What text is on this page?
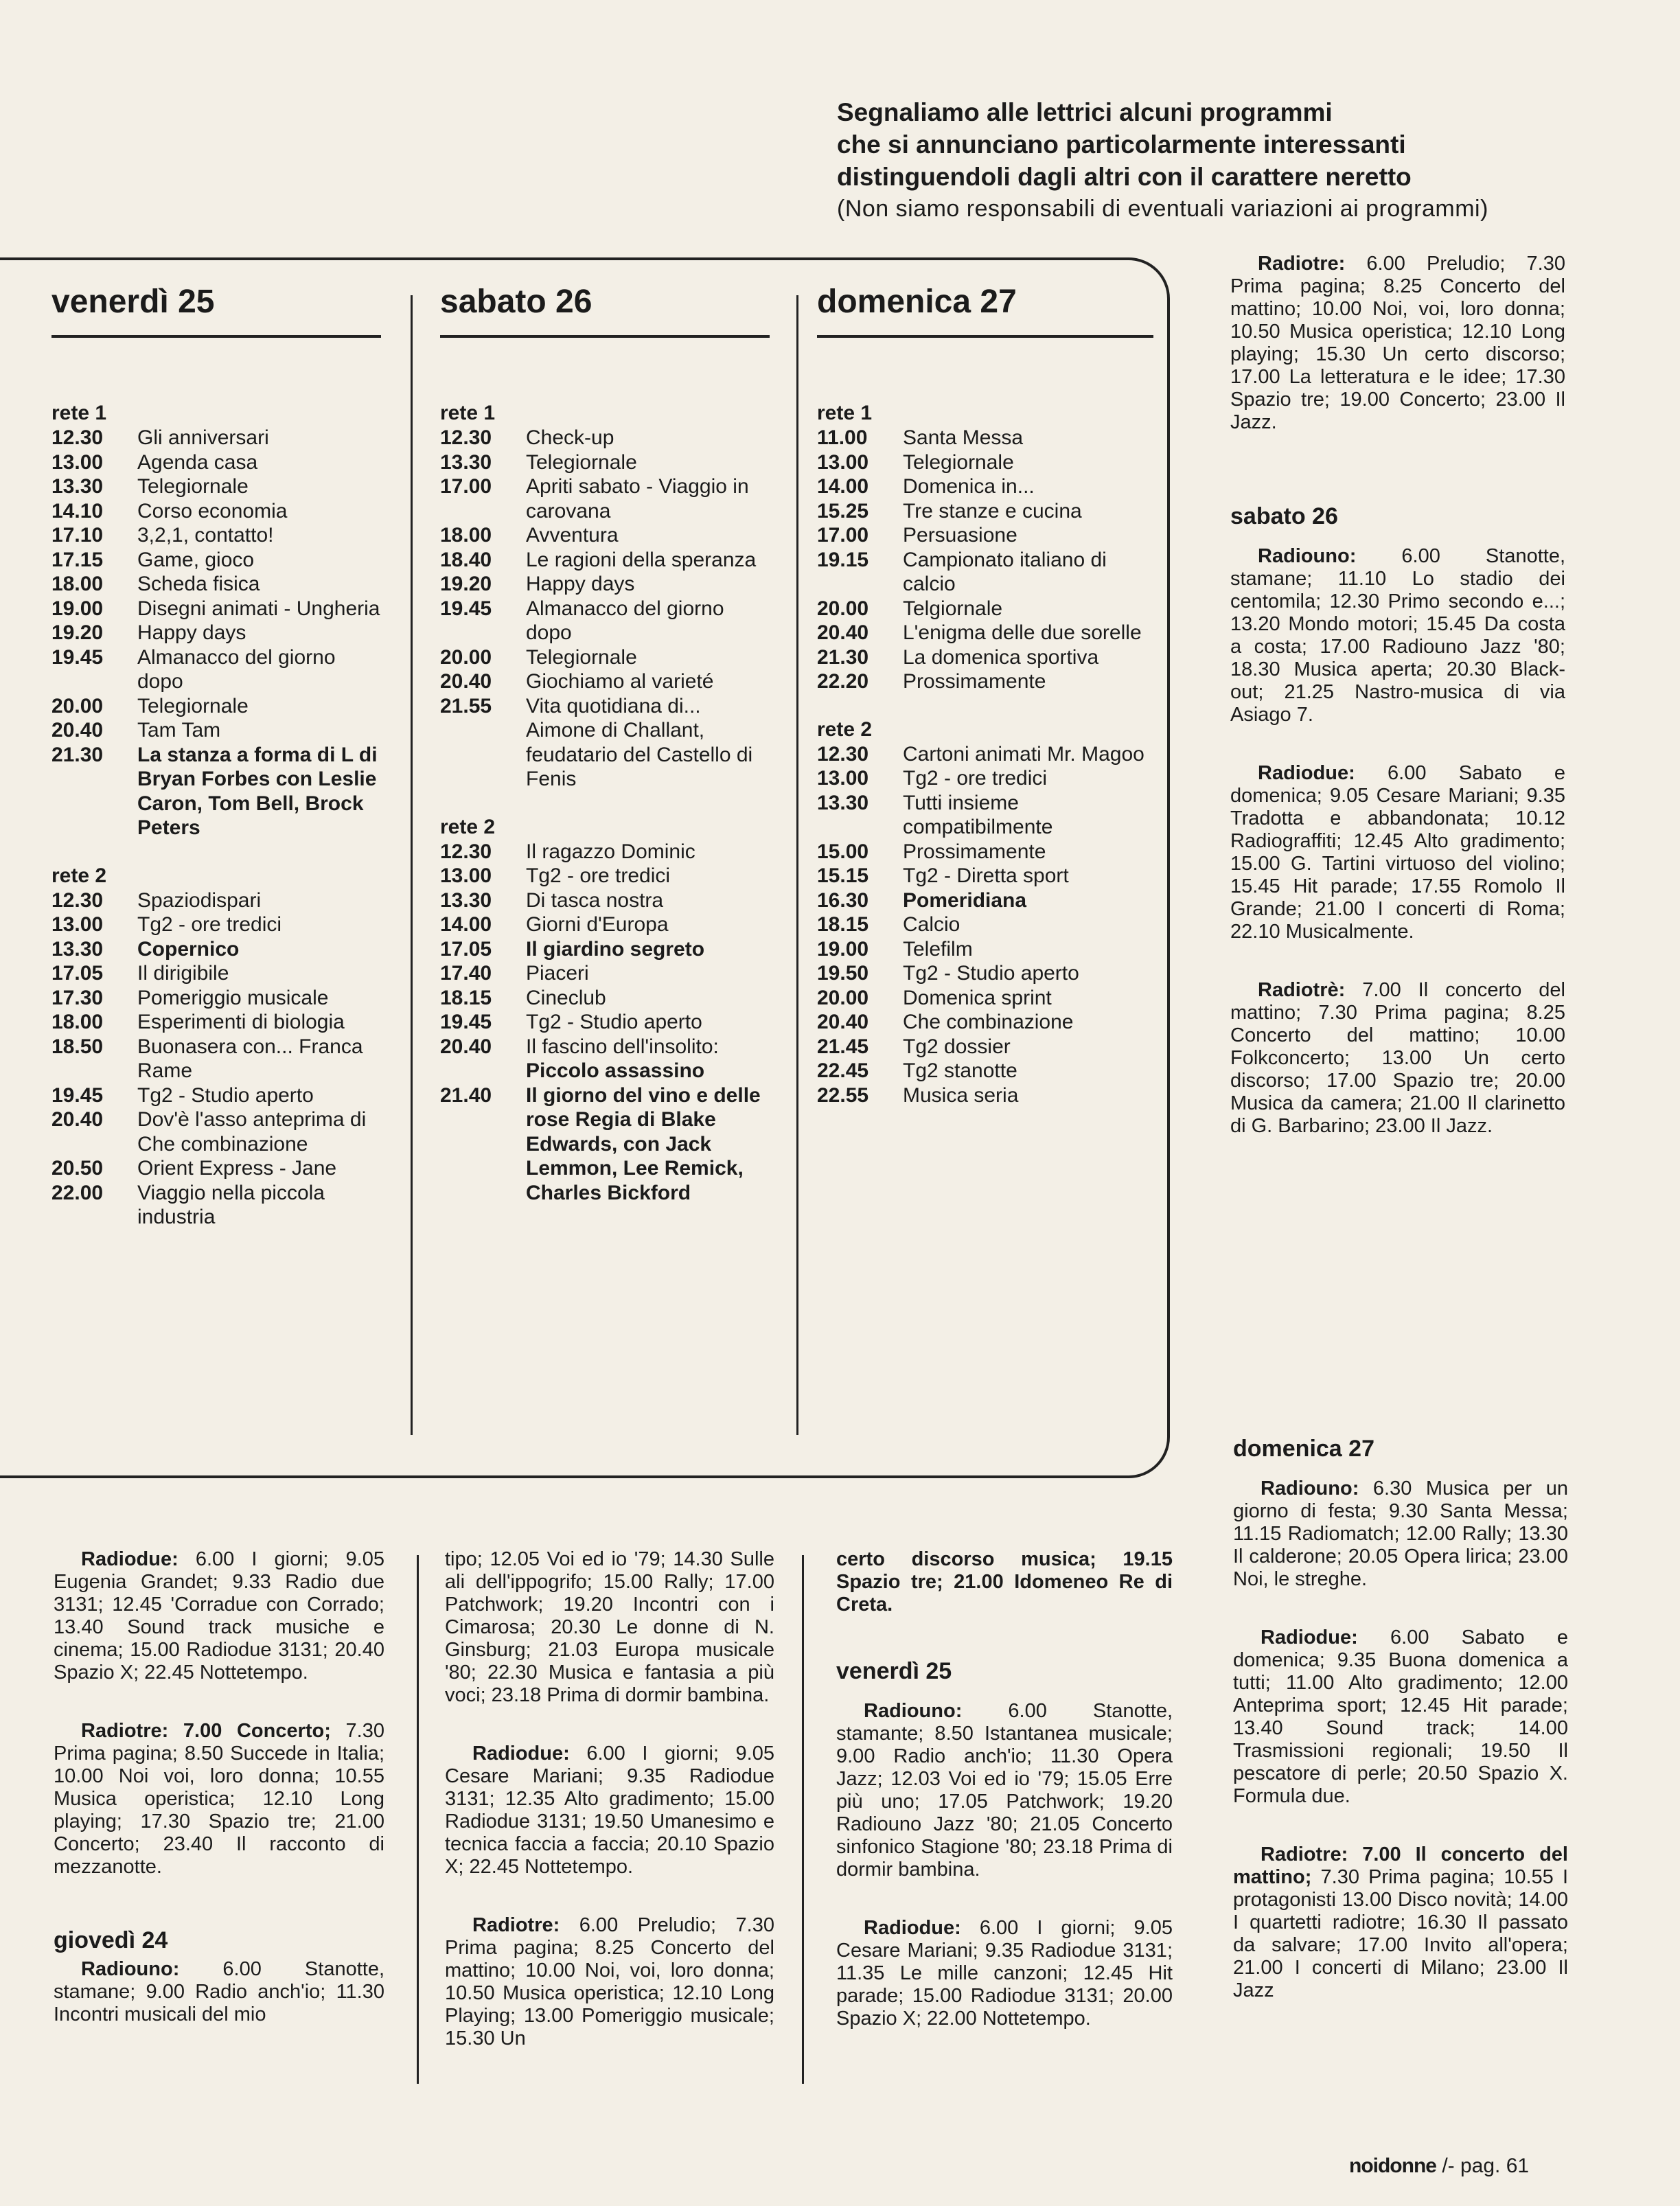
Segnaliamo alle lettrici alcuni programmi
che si annunciano particolarmente interessanti
distinguendoli dagli altri con il carattere neretto
(Non siamo responsabili di eventuali variazioni ai programmi)
venerdì 25
rete 1
12.30	Gli anniversari
13.00	Agenda casa
13.30	Telegiornale
14.10	Corso economia
17.10	3,2,1, contatto!
17.15	Game, gioco
18.00	Scheda fisica
19.00	Disegni animati - Ungheria
19.20	Happy days
19.45	Almanacco del giorno dopo
20.00	Telegiornale
20.40	Tam Tam
21.30	La stanza a forma di L di Bryan Forbes con Leslie Caron, Tom Bell, Brock Peters
rete 2
12.30	Spaziodispari
13.00	Tg2 - ore tredici
13.30	Copernico
17.05	Il dirigibile
17.30	Pomeriggio musicale
18.00	Esperimenti di biologia
18.50	Buonasera con... Franca Rame
19.45	Tg2 - Studio aperto
20.40	Dov'è l'asso anteprima di Che combinazione
20.50	Orient Express - Jane
22.00	Viaggio nella piccola industria
sabato 26
rete 1
12.30	Check-up
13.30	Telegiornale
17.00	Apriti sabato - Viaggio in carovana
18.00	Avventura
18.40	Le ragioni della speranza
19.20	Happy days
19.45	Almanacco del giorno dopo
20.00	Telegiornale
20.40	Giochiamo al varieté
21.55	Vita quotidiana di... Aimone di Challant, feudatario del Castello di Fenis
rete 2
12.30	Il ragazzo Dominic
13.00	Tg2 - ore tredici
13.30	Di tasca nostra
14.00	Giorni d'Europa
17.05	Il giardino segreto
17.40	Piaceri
18.15	Cineclub
19.45	Tg2 - Studio aperto
20.40	Il fascino dell'insolito:
Piccolo assassino
21.40	Il giorno del vino e delle rose Regia di Blake Edwards, con Jack Lemmon, Lee Remick, Charles Bickford
domenica 27
rete 1
11.00	Santa Messa
13.00	Telegiornale
14.00	Domenica in...
15.25	Tre stanze e cucina
17.00	Persuasione
19.15	Campionato italiano di calcio
20.00	Telgiornale
20.40	L'enigma delle due sorelle
21.30	La domenica sportiva
22.20	Prossimamente
rete 2
12.30	Cartoni animati Mr. Magoo
13.00	Tg2 - ore tredici
13.30	Tutti insieme compatibilmente
15.00	Prossimamente
15.15	Tg2 - Diretta sport
16.30	Pomeridiana
18.15	Calcio
19.00	Telefilm
19.50	Tg2 - Studio aperto
20.00	Domenica sprint
20.40	Che combinazione
21.45	Tg2 dossier
22.45	Tg2 stanotte
22.55	Musica seria

Radiotre: 6.00 Preludio; 7.30 Prima pagina; 8.25 Concerto del mattino; 10.00 Noi, voi, loro donna; 10.50 Musica operistica; 12.10 Long playing; 15.30 Un certo discorso; 17.00 La letteratura e le idee; 17.30 Spazio tre; 19.00 Concerto; 23.00 Il Jazz.

sabato 26

Radiouno: 6.00 Stanotte, stamane; 11.10 Lo stadio dei centomila; 12.30 Primo secondo e...; 13.20 Mondo motori; 15.45 Da costa a costa; 17.00 Radiouno Jazz '80; 18.30 Musica aperta; 20.30 Black-out; 21.25 Nastro-musica di via Asiago 7.

Radiodue: 6.00 Sabato e domenica; 9.05 Cesare Mariani; 9.35 Tradotta e abbandonata; 10.12 Radiograffiti; 12.45 Alto gradimento; 15.00 G. Tartini virtuoso del violino; 15.45 Hit parade; 17.55 Romolo Il Grande; 21.00 I concerti di Roma; 22.10 Musicalmente.

Radiotrè: 7.00 Il concerto del mattino; 7.30 Prima pagina; 8.25 Concerto del mattino; 10.00 Folkconcerto; 13.00 Un certo discorso; 17.00 Spazio tre; 20.00 Musica da camera; 21.00 Il clarinetto di G. Barbarino; 23.00 Il Jazz.

domenica 27

Radiouno: 6.30 Musica per un giorno di festa; 9.30 Santa Messa; 11.15 Radiomatch; 12.00 Rally; 13.30 Il calderone; 20.05 Opera lirica; 23.00 Noi, le streghe.

Radiodue: 6.00 Sabato e domenica; 9.35 Buona domenica a tutti; 11.00 Alto gradimento; 12.00 Anteprima sport; 12.45 Hit parade; 13.40 Sound track; 14.00 Trasmissioni regionali; 19.50 Il pescatore di perle; 20.50 Spazio X. Formula due.

Radiotre: 7.00 Il concerto del mattino; 7.30 Prima pagina; 10.55 I protagonisti 13.00 Disco novità; 14.00 I quartetti radiotre; 16.30 Il passato da salvare; 17.00 Invito all'opera; 21.00 I concerti di Milano; 23.00 Il Jazz

Radiodue: 6.00 I giorni; 9.05 Eugenia Grandet; 9.33 Radio due 3131; 12.45 'Corradue con Corrado; 13.40 Sound track musiche e cinema; 15.00 Radiodue 3131; 20.40 Spazio X; 22.45 Nottetempo.

Radiotre: 7.00 Concerto; 7.30 Prima pagina; 8.50 Succede in Italia; 10.00 Noi voi, loro donna; 10.55 Musica operistica; 12.10 Long playing; 17.30 Spazio tre; 21.00 Concerto; 23.40 Il racconto di mezzanotte.

giovedì 24

Radiouno: 6.00 Stanotte, stamane; 9.00 Radio anch'io; 11.30 Incontri musicali del mio

tipo; 12.05 Voi ed io '79; 14.30 Sulle ali dell'ippogrifo; 15.00 Rally; 17.00 Patchwork; 19.20 Incontri con i Cimarosa; 20.30 Le donne di N. Ginsburg; 21.03 Europa musicale '80; 22.30 Musica e fantasia a più voci; 23.18 Prima di dormir bambina.

Radiodue: 6.00 I giorni; 9.05 Cesare Mariani; 9.35 Radiodue 3131; 12.35 Alto gradimento; 15.00 Radiodue 3131; 19.50 Umanesimo e tecnica faccia a faccia; 20.10 Spazio X; 22.45 Nottetempo.

Radiotre: 6.00 Preludio; 7.30 Prima pagina; 8.25 Concerto del mattino; 10.00 Noi, voi, loro donna; 10.50 Musica operistica; 12.10 Long Playing; 13.00 Pomeriggio musicale; 15.30 Un

certo discorso musica; 19.15 Spazio tre; 21.00 Idomeneo Re di Creta.

venerdì 25

Radiouno: 6.00 Stanotte, stamante; 8.50 Istantanea musicale; 9.00 Radio anch'io; 11.30 Opera Jazz; 12.03 Voi ed io '79; 15.05 Erre più uno; 17.05 Patchwork; 19.20 Radiouno Jazz '80; 21.05 Concerto sinfonico Stagione '80; 23.18 Prima di dormir bambina.

Radiodue: 6.00 I giorni; 9.05 Cesare Mariani; 9.35 Radiodue 3131; 11.35 Le mille canzoni; 12.45 Hit parade; 15.00 Radiodue 3131; 20.00 Spazio X; 22.00 Nottetempo.

noidonne /- pag. 61
